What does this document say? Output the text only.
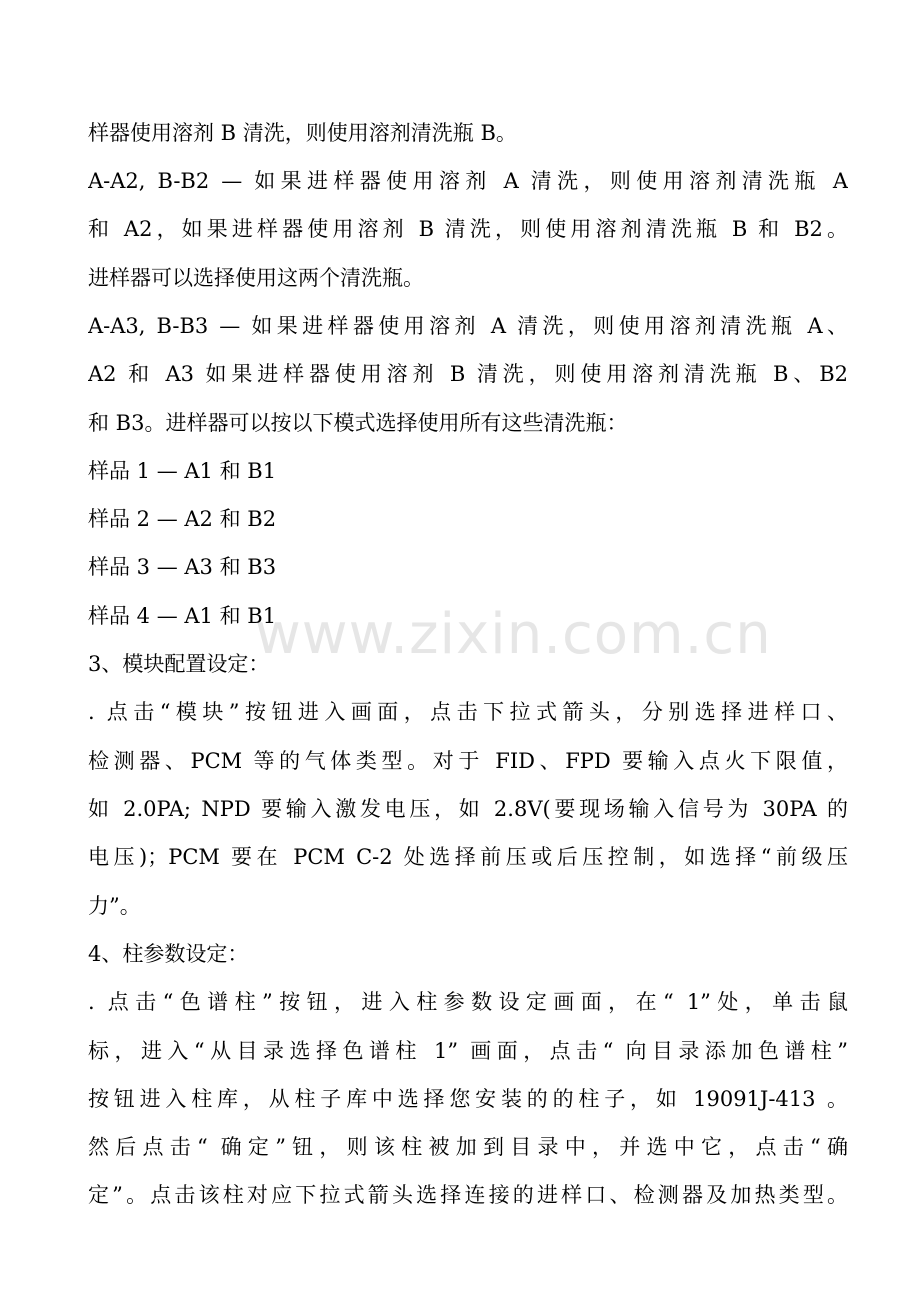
www.zixin.com.cn

样器使用溶剂 B 清洗，则使用溶剂清洗瓶 B。

A-A2, B-B2 — 如果进样器使用溶剂 A 清洗，则使用溶剂清洗瓶 A

和 A2，如果进样器使用溶剂 B 清洗，则使用溶剂清洗瓶 B 和 B2。

进样器可以选择使用这两个清洗瓶。

A-A3, B-B3 — 如果进样器使用溶剂 A 清洗，则使用溶剂清洗瓶 A、

A2 和 A3 如果进样器使用溶剂 B 清洗，则使用溶剂清洗瓶 B、B2

和 B3。进样器可以按以下模式选择使用所有这些清洗瓶：

样品 1 — A1 和 B1

样品 2 — A2 和 B2

样品 3 — A3 和 B3

样品 4 — A1 和 B1

3、模块配置设定：

. 点击“模块”按钮进入画面，点击下拉式箭头，分别选择进样口、

检测器、PCM 等的气体类型。对于 FID、FPD 要输入点火下限值，

如 2.0PA; NPD 要输入激发电压，如 2.8V(要现场输入信号为 30PA 的

电压)；PCM 要在 PCM C-2 处选择前压或后压控制，如选择“前级压

力”。

4、柱参数设定：

. 点击“色谱柱”按钮，进入柱参数设定画面，在“ 1”处，单击鼠

标，进入“从目录选择色谱柱 1” 画面，点击“ 向目录添加色谱柱”

按钮进入柱库，从柱子库中选择您安装的的柱子，如 19091J-413 。

然后点击“ 确定”钮，则该柱被加到目录中，并选中它，点击“确

定”。点击该柱对应下拉式箭头选择连接的进样口、检测器及加热类型。
